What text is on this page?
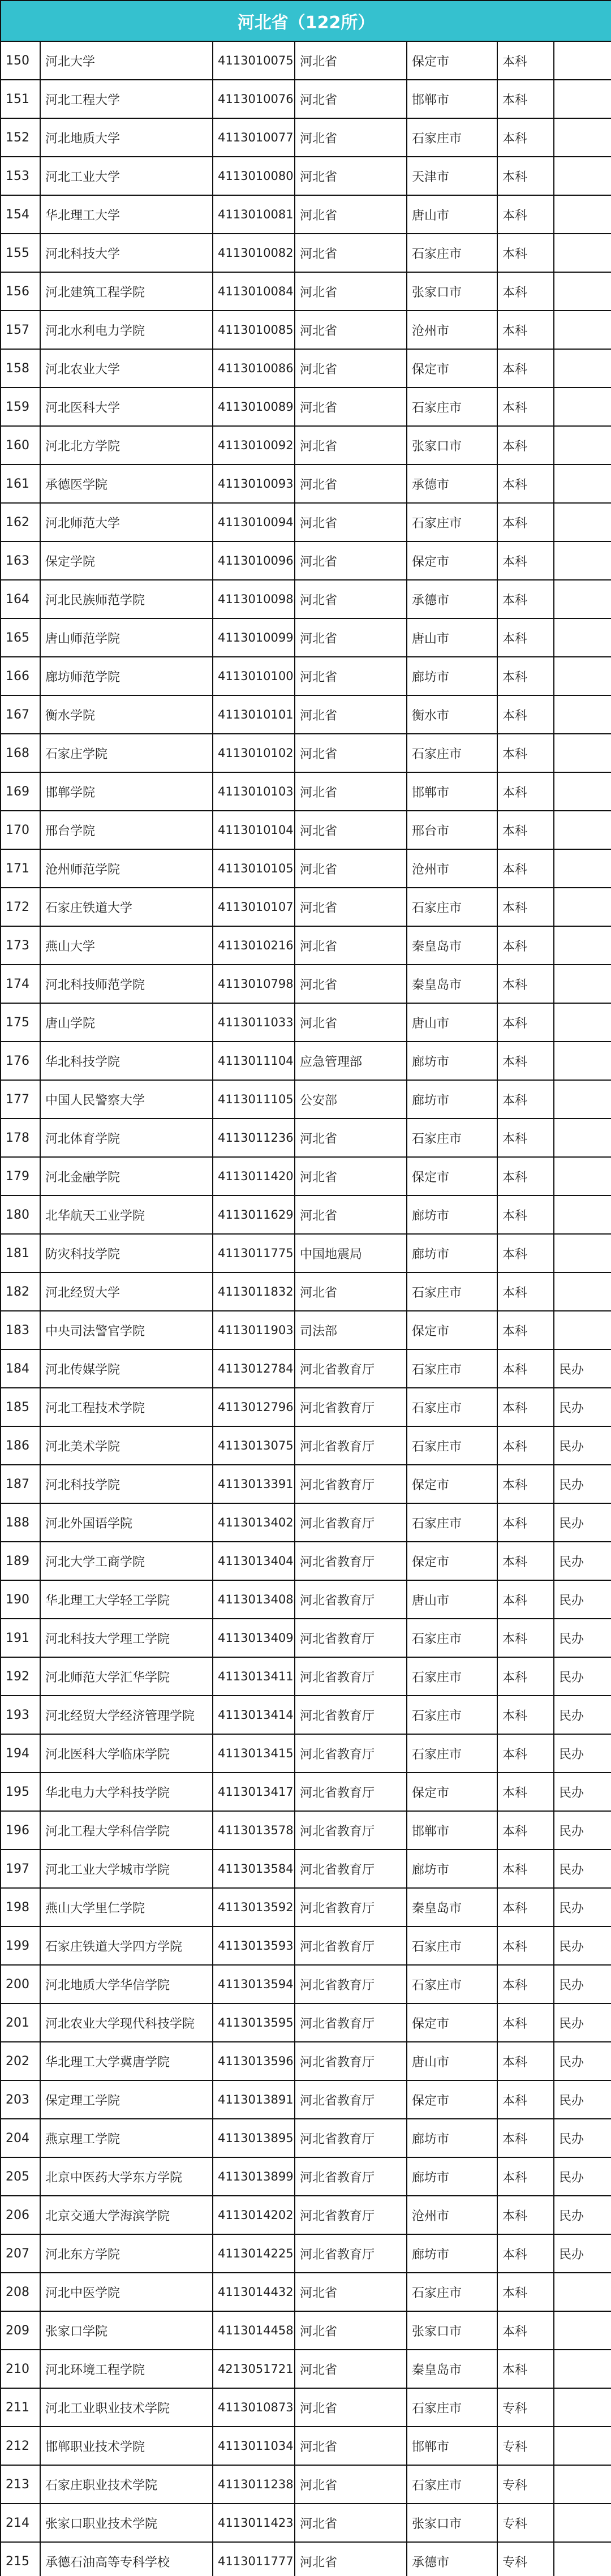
河北省（122所）						
150	河北大学	4113010075	河北省	保定市	本科	
151	河北工程大学	4113010076	河北省	邯郸市	本科	
152	河北地质大学	4113010077	河北省	石家庄市	本科	
153	河北工业大学	4113010080	河北省	天津市	本科	
154	华北理工大学	4113010081	河北省	唐山市	本科	
155	河北科技大学	4113010082	河北省	石家庄市	本科	
156	河北建筑工程学院	4113010084	河北省	张家口市	本科	
157	河北水利电力学院	4113010085	河北省	沧州市	本科	
158	河北农业大学	4113010086	河北省	保定市	本科	
159	河北医科大学	4113010089	河北省	石家庄市	本科	
160	河北北方学院	4113010092	河北省	张家口市	本科	
161	承德医学院	4113010093	河北省	承德市	本科	
162	河北师范大学	4113010094	河北省	石家庄市	本科	
163	保定学院	4113010096	河北省	保定市	本科	
164	河北民族师范学院	4113010098	河北省	承德市	本科	
165	唐山师范学院	4113010099	河北省	唐山市	本科	
166	廊坊师范学院	4113010100	河北省	廊坊市	本科	
167	衡水学院	4113010101	河北省	衡水市	本科	
168	石家庄学院	4113010102	河北省	石家庄市	本科	
169	邯郸学院	4113010103	河北省	邯郸市	本科	
170	邢台学院	4113010104	河北省	邢台市	本科	
171	沧州师范学院	4113010105	河北省	沧州市	本科	
172	石家庄铁道大学	4113010107	河北省	石家庄市	本科	
173	燕山大学	4113010216	河北省	秦皇岛市	本科	
174	河北科技师范学院	4113010798	河北省	秦皇岛市	本科	
175	唐山学院	4113011033	河北省	唐山市	本科	
176	华北科技学院	4113011104	应急管理部	廊坊市	本科	
177	中国人民警察大学	4113011105	公安部	廊坊市	本科	
178	河北体育学院	4113011236	河北省	石家庄市	本科	
179	河北金融学院	4113011420	河北省	保定市	本科	
180	北华航天工业学院	4113011629	河北省	廊坊市	本科	
181	防灾科技学院	4113011775	中国地震局	廊坊市	本科	
182	河北经贸大学	4113011832	河北省	石家庄市	本科	
183	中央司法警官学院	4113011903	司法部	保定市	本科	
184	河北传媒学院	4113012784	河北省教育厅	石家庄市	本科	民办
185	河北工程技术学院	4113012796	河北省教育厅	石家庄市	本科	民办
186	河北美术学院	4113013075	河北省教育厅	石家庄市	本科	民办
187	河北科技学院	4113013391	河北省教育厅	保定市	本科	民办
188	河北外国语学院	4113013402	河北省教育厅	石家庄市	本科	民办
189	河北大学工商学院	4113013404	河北省教育厅	保定市	本科	民办
190	华北理工大学轻工学院	4113013408	河北省教育厅	唐山市	本科	民办
191	河北科技大学理工学院	4113013409	河北省教育厅	石家庄市	本科	民办
192	河北师范大学汇华学院	4113013411	河北省教育厅	石家庄市	本科	民办
193	河北经贸大学经济管理学院	4113013414	河北省教育厅	石家庄市	本科	民办
194	河北医科大学临床学院	4113013415	河北省教育厅	石家庄市	本科	民办
195	华北电力大学科技学院	4113013417	河北省教育厅	保定市	本科	民办
196	河北工程大学科信学院	4113013578	河北省教育厅	邯郸市	本科	民办
197	河北工业大学城市学院	4113013584	河北省教育厅	廊坊市	本科	民办
198	燕山大学里仁学院	4113013592	河北省教育厅	秦皇岛市	本科	民办
199	石家庄铁道大学四方学院	4113013593	河北省教育厅	石家庄市	本科	民办
200	河北地质大学华信学院	4113013594	河北省教育厅	石家庄市	本科	民办
201	河北农业大学现代科技学院	4113013595	河北省教育厅	保定市	本科	民办
202	华北理工大学冀唐学院	4113013596	河北省教育厅	唐山市	本科	民办
203	保定理工学院	4113013891	河北省教育厅	保定市	本科	民办
204	燕京理工学院	4113013895	河北省教育厅	廊坊市	本科	民办
205	北京中医药大学东方学院	4113013899	河北省教育厅	廊坊市	本科	民办
206	北京交通大学海滨学院	4113014202	河北省教育厅	沧州市	本科	民办
207	河北东方学院	4113014225	河北省教育厅	廊坊市	本科	民办
208	河北中医学院	4113014432	河北省	石家庄市	本科	
209	张家口学院	4113014458	河北省	张家口市	本科	
210	河北环境工程学院	4213051721	河北省	秦皇岛市	本科	
211	河北工业职业技术学院	4113010873	河北省	石家庄市	专科	
212	邯郸职业技术学院	4113011034	河北省	邯郸市	专科	
213	石家庄职业技术学院	4113011238	河北省	石家庄市	专科	
214	张家口职业技术学院	4113011423	河北省	张家口市	专科	
215	承德石油高等专科学校	4113011777	河北省	承德市	专科	
